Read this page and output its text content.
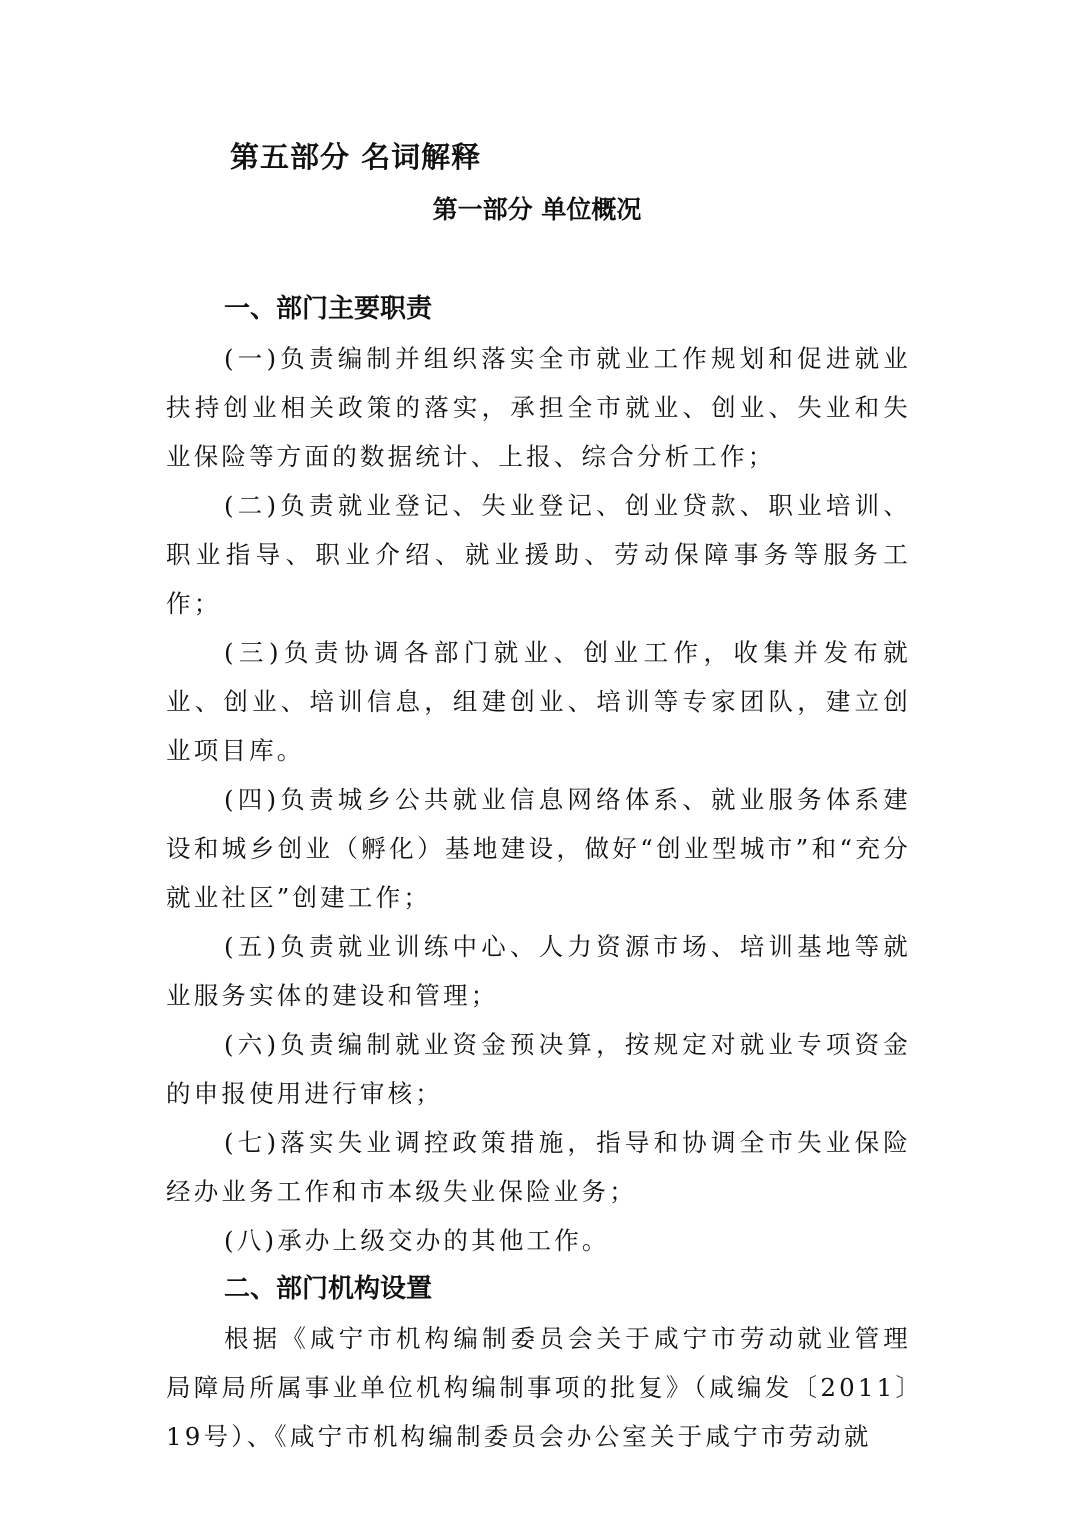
第五部分 名词解释
第一部分 单位概况

一、部门主要职责

(一)负责编制并组织落实全市就业工作规划和促进就业扶持创业相关政策的落实，承担全市就业、创业、失业和失业保险等方面的数据统计、上报、综合分析工作；

(二)负责就业登记、失业登记、创业贷款、职业培训、职业指导、职业介绍、就业援助、劳动保障事务等服务工作；

(三)负责协调各部门就业、创业工作，收集并发布就业、创业、培训信息，组建创业、培训等专家团队，建立创业项目库。

(四)负责城乡公共就业信息网络体系、就业服务体系建设和城乡创业（孵化）基地建设，做好“创业型城市”和“充分就业社区”创建工作；

(五)负责就业训练中心、人力资源市场、培训基地等就业服务实体的建设和管理；

(六)负责编制就业资金预决算，按规定对就业专项资金的申报使用进行审核；

(七)落实失业调控政策措施，指导和协调全市失业保险经办业务工作和市本级失业保险业务；

(八)承办上级交办的其他工作。

二、部门机构设置

根据《咸宁市机构编制委员会关于咸宁市劳动就业管理局障局所属事业单位机构编制事项的批复》（咸编发〔2011〕19号）、《咸宁市机构编制委员会办公室关于咸宁市劳动就
